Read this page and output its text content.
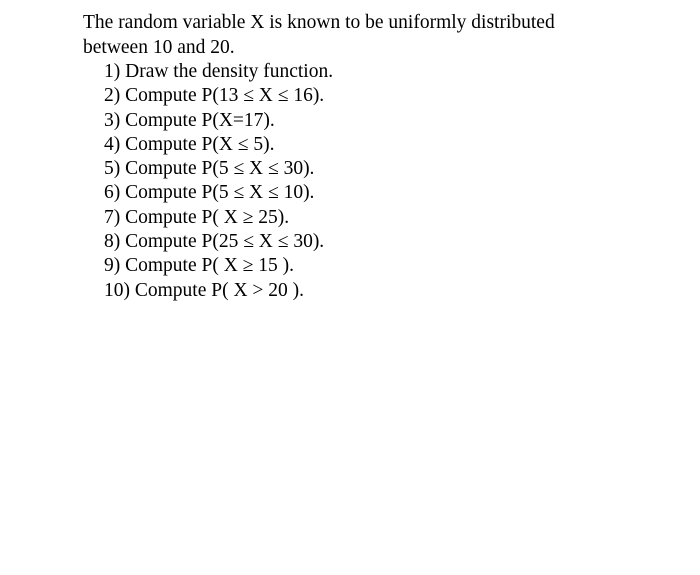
The random variable X is known to be uniformly distributed
between 10 and 20.

1) Draw the density function.
2) Compute P(13 ≤ X ≤ 16).
3) Compute P(X=17).
4) Compute P(X ≤ 5).
5) Compute P(5 ≤ X ≤ 30).
6) Compute P(5 ≤ X ≤ 10).
7) Compute P( X ≥ 25).
8) Compute P(25 ≤ X ≤ 30).
9) Compute P( X ≥ 15 ).
10) Compute P( X > 20 ).
